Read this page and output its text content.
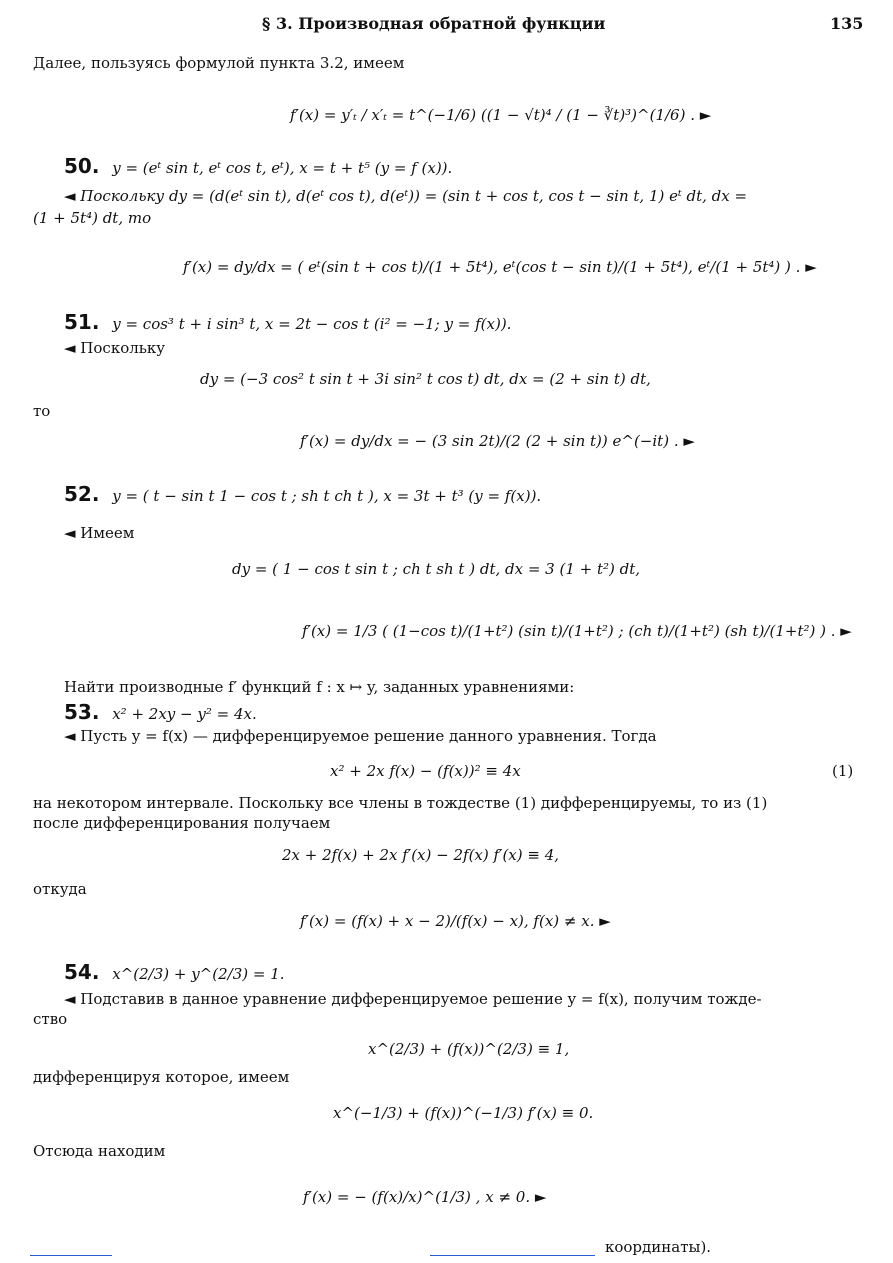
§ 3. Производная обратной функции	135
Далее, пользуясь формулой пункта 3.2, имеем
f′(x) = y′ₜ / x′ₜ = t^(−1/6) ((1 − √t)⁴ / (1 − ∛t)³)^(1/6) . ►
50. y = (eᵗ sin t, eᵗ cos t, eᵗ), x = t + t⁵ (y = f (x)).
◄ Поскольку dy = (d(eᵗ sin t), d(eᵗ cos t), d(eᵗ)) = (sin t + cos t, cos t − sin t, 1) eᵗ dt, dx =
(1 + 5t⁴) dt, то
f′(x) = dy/dx = ( eᵗ(sin t + cos t)/(1 + 5t⁴), eᵗ(cos t − sin t)/(1 + 5t⁴), eᵗ/(1 + 5t⁴) ) . ►
51. y = cos³ t + i sin³ t, x = 2t − cos t (i² = −1; y = f(x)).
◄ Поскольку
dy = (−3 cos² t sin t + 3i sin² t cos t) dt, dx = (2 + sin t) dt,
то
f′(x) = dy/dx = − (3 sin 2t)/(2 (2 + sin t)) e^(−it) . ►
52. y = ( t − sin t 1 − cos t ; sh t ch t ), x = 3t + t³ (y = f(x)).
◄ Имеем
dy = ( 1 − cos t sin t ; ch t sh t ) dt, dx = 3 (1 + t²) dt,
f′(x) = 1/3 ( (1−cos t)/(1+t²) (sin t)/(1+t²) ; (ch t)/(1+t²) (sh t)/(1+t²) ) . ►
Найти производные f′ функций f : x ↦ y, заданных уравнениями:
53. x² + 2xy − y² = 4x.
◄ Пусть y = f(x) — дифференцируемое решение данного уравнения. Тогда
x² + 2x f(x) − (f(x))² ≡ 4x	(1)
на некотором интервале. Поскольку все члены в тождестве (1) дифференцируемы, то из (1)
после дифференцирования получаем
2x + 2f(x) + 2x f′(x) − 2f(x) f′(x) ≡ 4,
откуда
f′(x) = (f(x) + x − 2)/(f(x) − x), f(x) ≠ x. ►
54. x^(2/3) + y^(2/3) = 1.
◄ Подставив в данное уравнение дифференцируемое решение y = f(x), получим тожде-
ство
x^(2/3) + (f(x))^(2/3) ≡ 1,
дифференцируя которое, имеем
x^(−1/3) + (f(x))^(−1/3) f′(x) ≡ 0.
Отсюда находим
f′(x) = − (f(x)/x)^(1/3) , x ≠ 0. ►
координаты).
